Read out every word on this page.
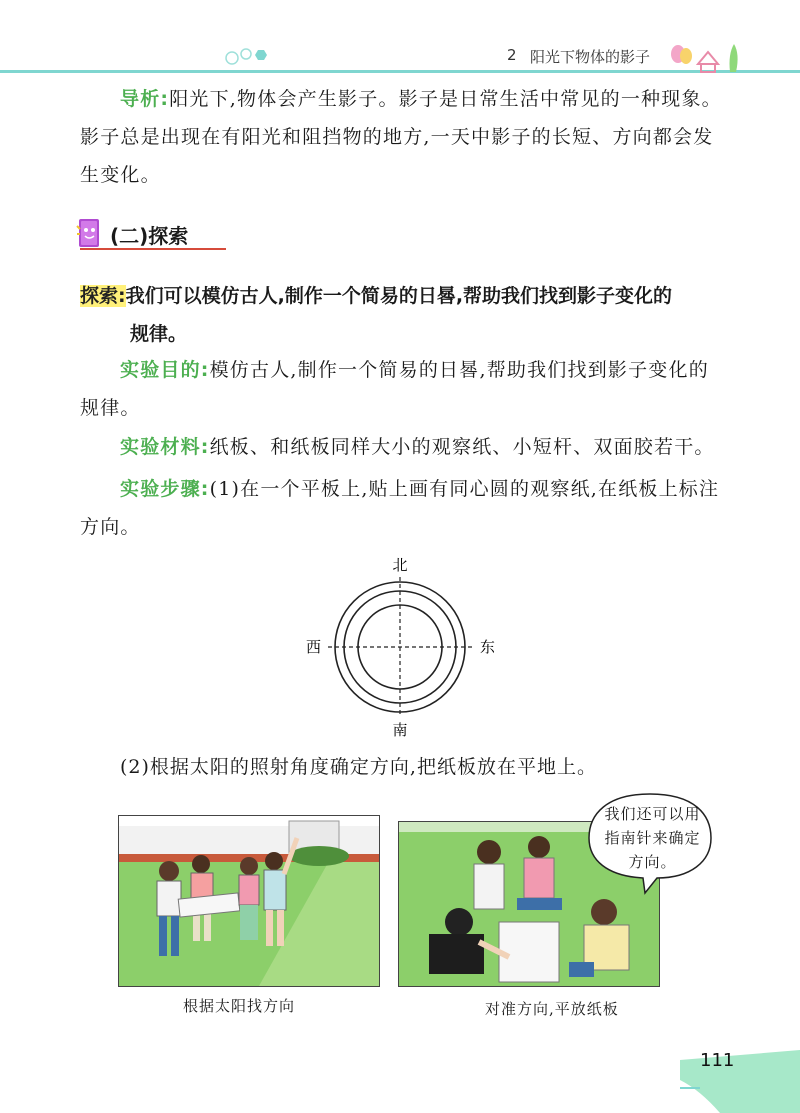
2 阳光下物体的影子
导析:阳光下,物体会产生影子。影子是日常生活中常见的一种现象。影子总是出现在有阳光和阻挡物的地方,一天中影子的长短、方向都会发生变化。
(二)探索
探索:我们可以模仿古人,制作一个简易的日晷,帮助我们找到影子变化的
规律。
实验目的:模仿古人,制作一个简易的日晷,帮助我们找到影子变化的规律。
实验材料:纸板、和纸板同样大小的观察纸、小短杆、双面胶若干。
实验步骤:(1)在一个平板上,贴上画有同心圆的观察纸,在纸板上标注方向。
北
南
东
西
(2)根据太阳的照射角度确定方向,把纸板放在平地上。
我们还可以用指南针来确定方向。
根据太阳找方向	对准方向,平放纸板
111
